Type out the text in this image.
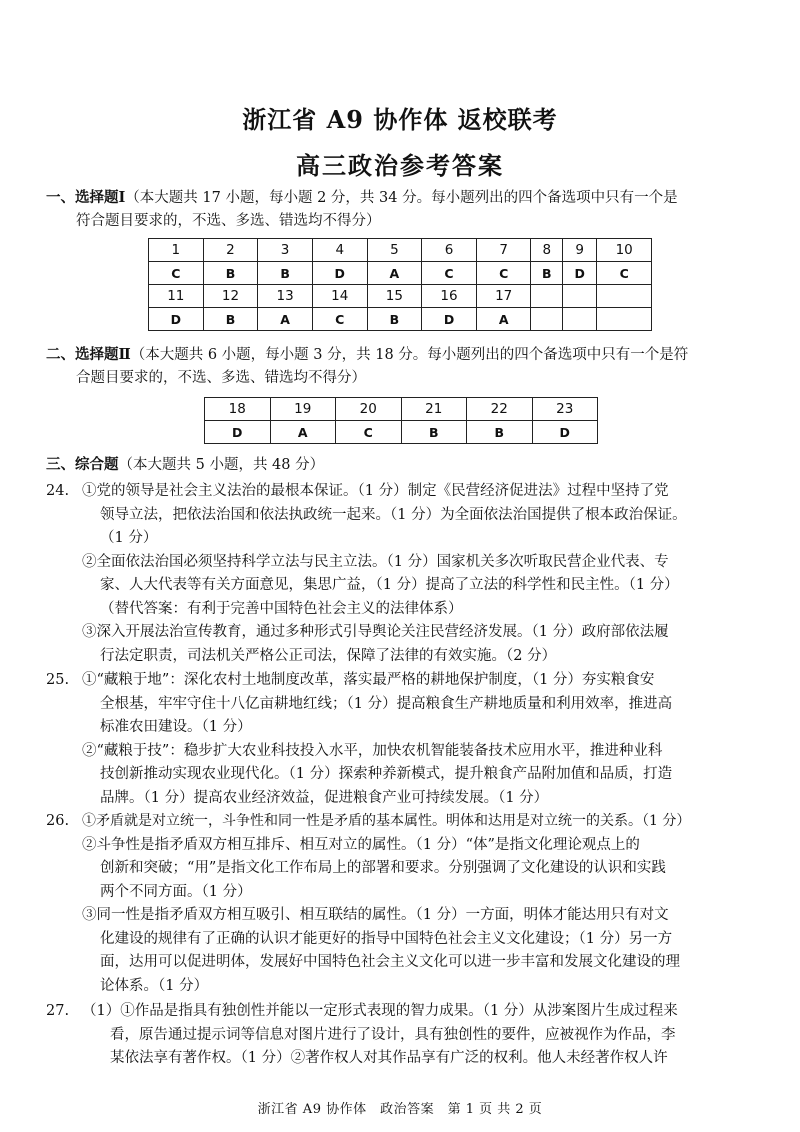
浙江省 A9 协作体 返校联考
高三政治参考答案
一、选择题Ⅰ（本大题共 17 小题，每小题 2 分，共 34 分。每小题列出的四个备选项中只有一个是
符合题目要求的，不选、多选、错选均不得分）
1	2	3	4	5	6	7	8	9	10
C	B	B	D	A	C	C	B	D	C
11	12	13	14	15	16	17			
D	B	A	C	B	D	A			
二、选择题Ⅱ（本大题共 6 小题，每小题 3 分，共 18 分。每小题列出的四个备选项中只有一个是符
合题目要求的，不选、多选、错选均不得分）
18	19	20	21	22	23
D	A	C	B	B	D
三、综合题（本大题共 5 小题，共 48 分）
24. ①党的领导是社会主义法治的最根本保证。（1 分）制定《民营经济促进法》过程中坚持了党
领导立法，把依法治国和依法执政统一起来。（1 分）为全面依法治国提供了根本政治保证。
（1 分）
②全面依法治国必须坚持科学立法与民主立法。（1 分）国家机关多次听取民营企业代表、专
家、人大代表等有关方面意见，集思广益，（1 分）提高了立法的科学性和民主性。（1 分）
（替代答案：有利于完善中国特色社会主义的法律体系）
③深入开展法治宣传教育，通过多种形式引导舆论关注民营经济发展。（1 分）政府部依法履
行法定职责，司法机关严格公正司法，保障了法律的有效实施。（2 分）
25. ①“藏粮于地”：深化农村土地制度改革，落实最严格的耕地保护制度，（1 分）夯实粮食安
全根基，牢牢守住十八亿亩耕地红线；（1 分）提高粮食生产耕地质量和利用效率，推进高
标准农田建设。（1 分）
②“藏粮于技”：稳步扩大农业科技投入水平，加快农机智能装备技术应用水平，推进种业科
技创新推动实现农业现代化。（1 分）探索种养新模式，提升粮食产品附加值和品质，打造
品牌。（1 分）提高农业经济效益，促进粮食产业可持续发展。（1 分）
26. ①矛盾就是对立统一，斗争性和同一性是矛盾的基本属性。明体和达用是对立统一的关系。（1 分）
②斗争性是指矛盾双方相互排斥、相互对立的属性。（1 分）“体”是指文化理论观点上的
创新和突破；“用”是指文化工作布局上的部署和要求。分别强调了文化建设的认识和实践
两个不同方面。（1 分）
③同一性是指矛盾双方相互吸引、相互联结的属性。（1 分）一方面，明体才能达用只有对文
化建设的规律有了正确的认识才能更好的指导中国特色社会主义文化建设；（1 分）另一方
面，达用可以促进明体，发展好中国特色社会主义文化可以进一步丰富和发展文化建设的理
论体系。（1 分）
27. （1）①作品是指具有独创性并能以一定形式表现的智力成果。（1 分）从涉案图片生成过程来
看，原告通过提示词等信息对图片进行了设计，具有独创性的要件，应被视作为作品，李
某依法享有著作权。（1 分）②著作权人对其作品享有广泛的权利。他人未经著作权人许
浙江省 A9 协作体　政治答案　第 1 页 共 2 页
